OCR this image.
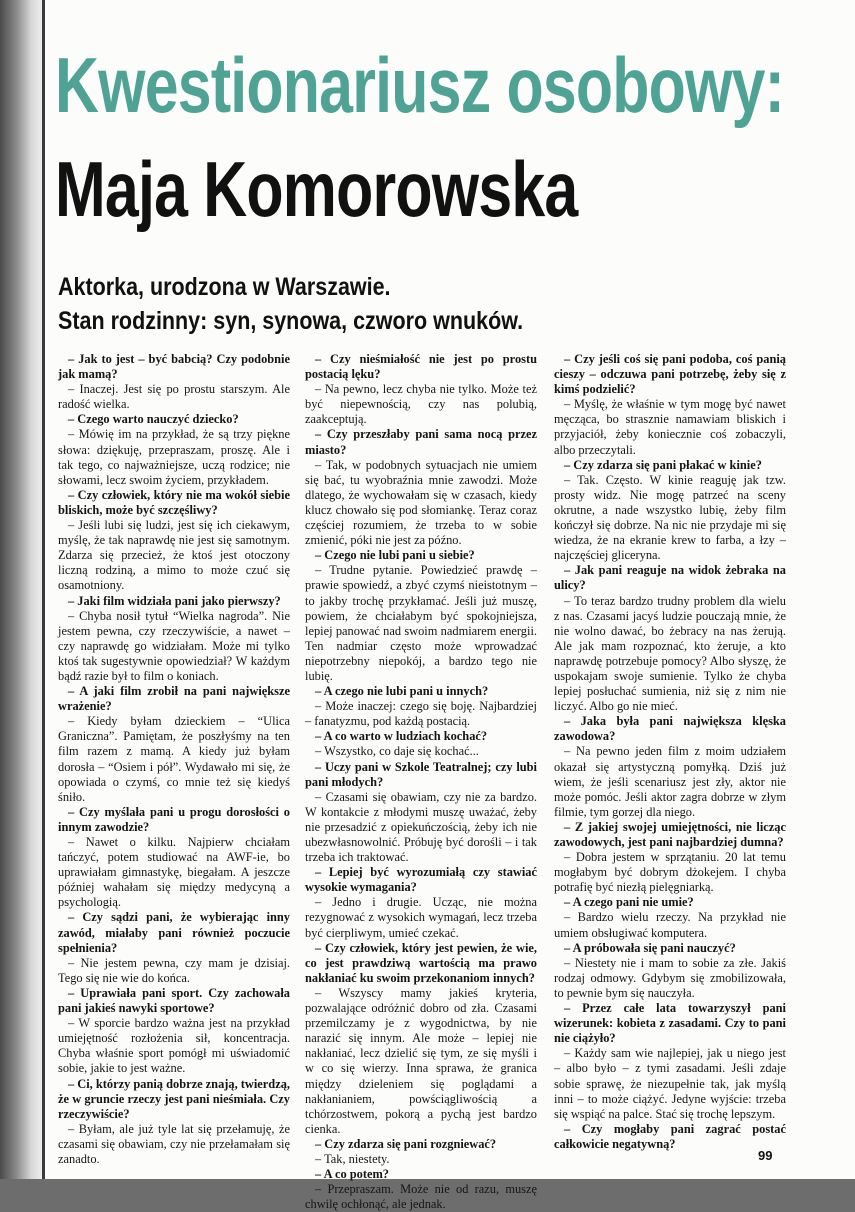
Kwestionariusz osobowy:
Maja Komorowska
Aktorka, urodzona w Warszawie.
Stan rodzinny: syn, synowa, czworo wnuków.

– Jak to jest – być babcią? Czy podobnie jak mamą?

– Inaczej. Jest się po prostu starszym. Ale radość wielka.

– Czego warto nauczyć dziecko?

– Mówię im na przykład, że są trzy piękne słowa: dziękuję, przepraszam, proszę. Ale i tak tego, co najważniejsze, uczą rodzice; nie słowami, lecz swoim życiem, przykładem.

– Czy człowiek, który nie ma wokół siebie bliskich, może być szczęśliwy?

– Jeśli lubi się ludzi, jest się ich ciekawym, myślę, że tak naprawdę nie jest się samotnym. Zdarza się przecież, że ktoś jest otoczony liczną rodziną, a mimo to może czuć się osamotniony.

– Jaki film widziała pani jako pierwszy?

– Chyba nosił tytuł “Wielka nagroda”. Nie jestem pewna, czy rzeczywiście, a nawet – czy naprawdę go widziałam. Może mi tylko ktoś tak sugestywnie opowiedział? W każdym bądź razie był to film o koniach.

– A jaki film zrobił na pani największe wrażenie?

– Kiedy byłam dzieckiem – “Ulica Graniczna”. Pamiętam, że poszłyśmy na ten film razem z mamą. A kiedy już byłam dorosła – “Osiem i pół”. Wydawało mi się, że opowiada o czymś, co mnie też się kiedyś śniło.

– Czy myślała pani u progu dorosłości o innym zawodzie?

– Nawet o kilku. Najpierw chciałam tańczyć, potem studiować na AWF-ie, bo uprawiałam gimnastykę, biegałam. A jeszcze później wahałam się między medycyną a psychologią.

– Czy sądzi pani, że wybierając inny zawód, miałaby pani również poczucie spełnienia?

– Nie jestem pewna, czy mam je dzisiaj. Tego się nie wie do końca.

– Uprawiała pani sport. Czy zachowała pani jakieś nawyki sportowe?

– W sporcie bardzo ważna jest na przykład umiejętność rozłożenia sił, koncentracja. Chyba właśnie sport pomógł mi uświadomić sobie, jakie to jest ważne.

– Ci, którzy panią dobrze znają, twierdzą, że w gruncie rzeczy jest pani nieśmiała. Czy rzeczywiście?

– Byłam, ale już tyle lat się przełamuję, że czasami się obawiam, czy nie przełamałam się zanadto.

– Czy nieśmiałość nie jest po prostu postacią lęku?

– Na pewno, lecz chyba nie tylko. Może też być niepewnością, czy nas polubią, zaakceptują.

– Czy przeszłaby pani sama nocą przez miasto?

– Tak, w podobnych sytuacjach nie umiem się bać, tu wyobraźnia mnie zawodzi. Może dlatego, że wychowałam się w czasach, kiedy klucz chowało się pod słomiankę. Teraz coraz częściej rozumiem, że trzeba to w sobie zmienić, póki nie jest za późno.

– Czego nie lubi pani u siebie?

– Trudne pytanie. Powiedzieć prawdę – prawie spowiedź, a zbyć czymś nieistotnym – to jakby trochę przykłamać. Jeśli już muszę, powiem, że chciałabym być spokojniejsza, lepiej panować nad swoim nadmiarem energii. Ten nadmiar często może wprowadzać niepotrzebny niepokój, a bardzo tego nie lubię.

– A czego nie lubi pani u innych?

– Może inaczej: czego się boję. Najbardziej – fanatyzmu, pod każdą postacią.

– A co warto w ludziach kochać?

– Wszystko, co daje się kochać...

– Uczy pani w Szkole Teatralnej; czy lubi pani młodych?

– Czasami się obawiam, czy nie za bardzo. W kontakcie z młodymi muszę uważać, żeby nie przesadzić z opiekuńczością, żeby ich nie ubezwłasnowolnić. Próbuję być dorośli – i tak trzeba ich traktować.

– Lepiej być wyrozumiałą czy stawiać wysokie wymagania?

– Jedno i drugie. Ucząc, nie można rezygnować z wysokich wymagań, lecz trzeba być cierpliwym, umieć czekać.

– Czy człowiek, który jest pewien, że wie, co jest prawdziwą wartością ma prawo nakłaniać ku swoim przekonaniom innych?

– Wszyscy mamy jakieś kryteria, pozwalające odróżnić dobro od zła. Czasami przemilczamy je z wygodnictwa, by nie narazić się innym. Ale może – lepiej nie nakłaniać, lecz dzielić się tym, ze się myśli i w co się wierzy. Inna sprawa, że granica między dzieleniem się poglądami a nakłanianiem, powściągliwością a tchórzostwem, pokorą a pychą jest bardzo cienka.

– Czy zdarza się pani rozgniewać?

– Tak, niestety.

– A co potem?

– Przepraszam. Może nie od razu, muszę chwilę ochłonąć, ale jednak.

– Czy jeśli coś się pani podoba, coś panią cieszy – odczuwa pani potrzebę, żeby się z kimś podzielić?

– Myślę, że właśnie w tym mogę być nawet męcząca, bo strasznie namawiam bliskich i przyjaciół, żeby koniecznie coś zobaczyli, albo przeczytali.

– Czy zdarza się pani płakać w kinie?

– Tak. Często. W kinie reaguję jak tzw. prosty widz. Nie mogę patrzeć na sceny okrutne, a nade wszystko lubię, żeby film kończył się dobrze. Na nic nie przydaje mi się wiedza, że na ekranie krew to farba, a łzy – najczęściej gliceryna.

– Jak pani reaguje na widok żebraka na ulicy?

– To teraz bardzo trudny problem dla wielu z nas. Czasami jacyś ludzie pouczają mnie, że nie wolno dawać, bo żebracy na nas żerują. Ale jak mam rozpoznać, kto żeruje, a kto naprawdę potrzebuje pomocy? Albo słyszę, że uspokajam swoje sumienie. Tylko że chyba lepiej posłuchać sumienia, niż się z nim nie liczyć. Albo go nie mieć.

– Jaka była pani największa klęska zawodowa?

– Na pewno jeden film z moim udziałem okazał się artystyczną pomyłką. Dziś już wiem, że jeśli scenariusz jest zły, aktor nie może pomóc. Jeśli aktor zagra dobrze w złym filmie, tym gorzej dla niego.

– Z jakiej swojej umiejętności, nie licząc zawodowych, jest pani najbardziej dumna?

– Dobra jestem w sprzątaniu. 20 lat temu mogłabym być dobrym dżokejem. I chyba potrafię być niezłą pielęgniarką.

– A czego pani nie umie?

– Bardzo wielu rzeczy. Na przykład nie umiem obsługiwać komputera.

– A próbowała się pani nauczyć?

– Niestety nie i mam to sobie za złe. Jakiś rodzaj odmowy. Gdybym się zmobilizowała, to pewnie bym się nauczyła.

– Przez całe lata towarzyszył pani wizerunek: kobieta z zasadami. Czy to pani nie ciążyło?

– Każdy sam wie najlepiej, jak u niego jest – albo było – z tymi zasadami. Jeśli zdaje sobie sprawę, że niezupełnie tak, jak myślą inni – to może ciążyć. Jedyne wyjście: trzeba się wspiąć na palce. Stać się trochę lepszym.

– Czy mogłaby pani zagrać postać całkowicie negatywną?

99
